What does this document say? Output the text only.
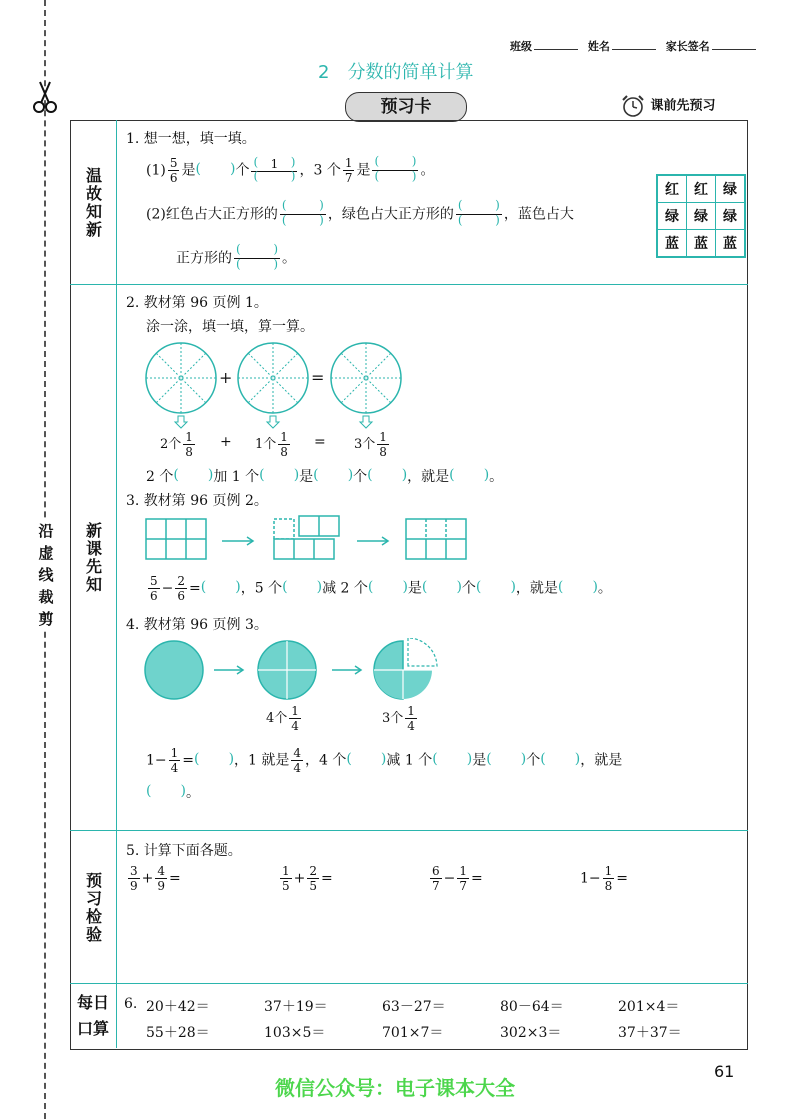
沿
虚
线
裁
剪
班级	姓名	家长签名
2　分数的简单计算
预习卡	课前先预习
温故知新
新课先知
预习检验
每日口算
1. 想一想，填一填。
$(1) \frac{5}{6}$ 是 ( )	个	( 1
) ( )	，3 个 $\frac{1}{7}$ 是 ( ) ( )	。
(2)红色占大正方形的 ( ) ( )	，绿色占大正方形的 ( ) ( )	，蓝色占大
正方形的 ( ) ( )	。
红	红	绿
绿	绿	绿
蓝	蓝	蓝
2. 教材第 96 页例 1。
涂一涂，填一填，算一算。
+	=
2个 $\frac{1}{8} + 1$个 $\frac{1}{8} = 3$个 $\frac{1}{8}$
2 个 ( )	加 1 个 ( )	是 ( )	个 ( )	，就是 ( )	。
3. 教材第 96 页例 2。
$\frac{5}{6} - \frac{2}{6}$ = ( )	，5 个 ( )	减 2 个 ( )	是 ( )	个 ( )	，就是 ( )	。
4. 教材第 96 页例 3。
4个 $\frac{1}{4}$	3个 $\frac{1}{4}$
$1- \frac{1}{4}$ = ( )	，1 就是 $\frac{4}{4}$ ，4 个 ( )	减 1 个 ( )	是 ( )	个 ( )	，就是
( )。
5. 计算下面各题。
$\frac{3}{9} + \frac{4}{9}$ =	$\frac{1}{5} + \frac{2}{5}$ =	$\frac{6}{7} - \frac{1}{7}$ =	$1- \frac{1}{8}$ =
6. 20＋42＝	37＋19＝	63－27＝	80－64＝	201×4＝
55＋28＝	103×5＝	701×7＝	302×3＝	37＋37＝
61
微信公众号：电子课本大全
